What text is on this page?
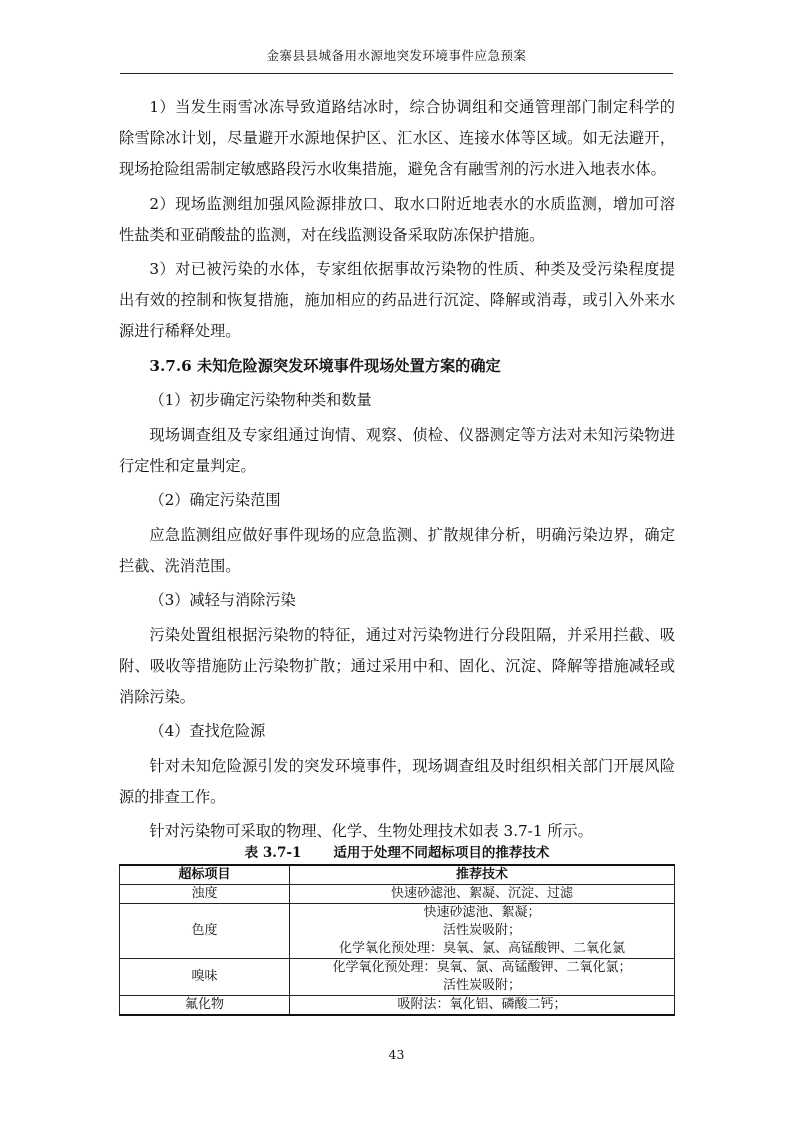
金寨县县城备用水源地突发环境事件应急预案

1）当发生雨雪冰冻导致道路结冰时，综合协调组和交通管理部门制定科学的除雪除冰计划，尽量避开水源地保护区、汇水区、连接水体等区域。如无法避开，现场抢险组需制定敏感路段污水收集措施，避免含有融雪剂的污水进入地表水体。

2）现场监测组加强风险源排放口、取水口附近地表水的水质监测，增加可溶性盐类和亚硝酸盐的监测，对在线监测设备采取防冻保护措施。

3）对已被污染的水体，专家组依据事故污染物的性质、种类及受污染程度提出有效的控制和恢复措施，施加相应的药品进行沉淀、降解或消毒，或引入外来水源进行稀释处理。

3.7.6 未知危险源突发环境事件现场处置方案的确定

（1）初步确定污染物种类和数量

现场调查组及专家组通过询情、观察、侦检、仪器测定等方法对未知污染物进行定性和定量判定。

（2）确定污染范围

应急监测组应做好事件现场的应急监测、扩散规律分析，明确污染边界，确定拦截、洗消范围。

（3）减轻与消除污染

污染处置组根据污染物的特征，通过对污染物进行分段阻隔，并采用拦截、吸附、吸收等措施防止污染物扩散；通过采用中和、固化、沉淀、降解等措施减轻或消除污染。

（4）查找危险源

针对未知危险源引发的突发环境事件，现场调查组及时组织相关部门开展风险源的排查工作。

针对污染物可采取的物理、化学、生物处理技术如表 3.7-1 所示。

表 3.7-1 适用于处理不同超标项目的推荐技术
超标项目	推荐技术
浊度	快速砂滤池、絮凝、沉淀、过滤

色度	快速砂滤池、絮凝；
活性炭吸附；
化学氧化预处理：臭氧、氯、高锰酸钾、二氧化氯

嗅味	化学氧化预处理：臭氧、氯、高锰酸钾、二氧化氯；
活性炭吸附；

氟化物	吸附法：氧化铝、磷酸二钙；
43
